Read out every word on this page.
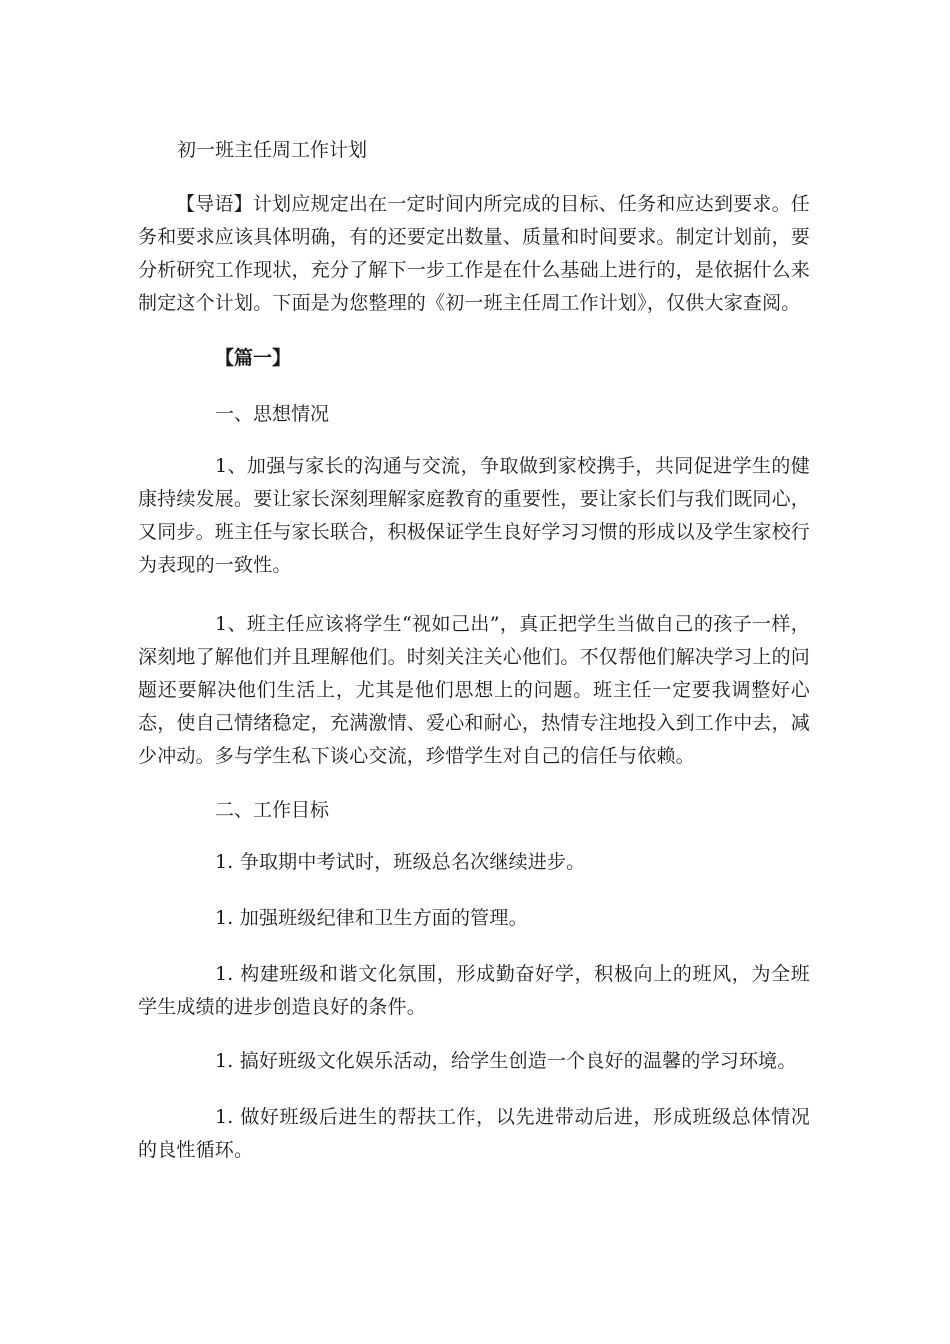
初一班主任周工作计划

【导语】计划应规定出在一定时间内所完成的目标、任务和应达到要求。任务和要求应该具体明确，有的还要定出数量、质量和时间要求。制定计划前，要分析研究工作现状，充分了解下一步工作是在什么基础上进行的，是依据什么来制定这个计划。下面是为您整理的《初一班主任周工作计划》，仅供大家查阅。

【篇一】

一、思想情况

1、加强与家长的沟通与交流，争取做到家校携手，共同促进学生的健康持续发展。要让家长深刻理解家庭教育的重要性，要让家长们与我们既同心，又同步。班主任与家长联合，积极保证学生良好学习习惯的形成以及学生家校行为表现的一致性。

1、班主任应该将学生“视如己出”，真正把学生当做自己的孩子一样，深刻地了解他们并且理解他们。时刻关注关心他们。不仅帮他们解决学习上的问题还要解决他们生活上，尤其是他们思想上的问题。班主任一定要我调整好心态，使自己情绪稳定，充满激情、爱心和耐心，热情专注地投入到工作中去，减少冲动。多与学生私下谈心交流，珍惜学生对自己的信任与依赖。

二、工作目标

1. 争取期中考试时，班级总名次继续进步。

1. 加强班级纪律和卫生方面的管理。

1. 构建班级和谐文化氛围，形成勤奋好学，积极向上的班风，为全班学生成绩的进步创造良好的条件。

1. 搞好班级文化娱乐活动，给学生创造一个良好的温馨的学习环境。

1. 做好班级后进生的帮扶工作，以先进带动后进，形成班级总体情况的良性循环。
